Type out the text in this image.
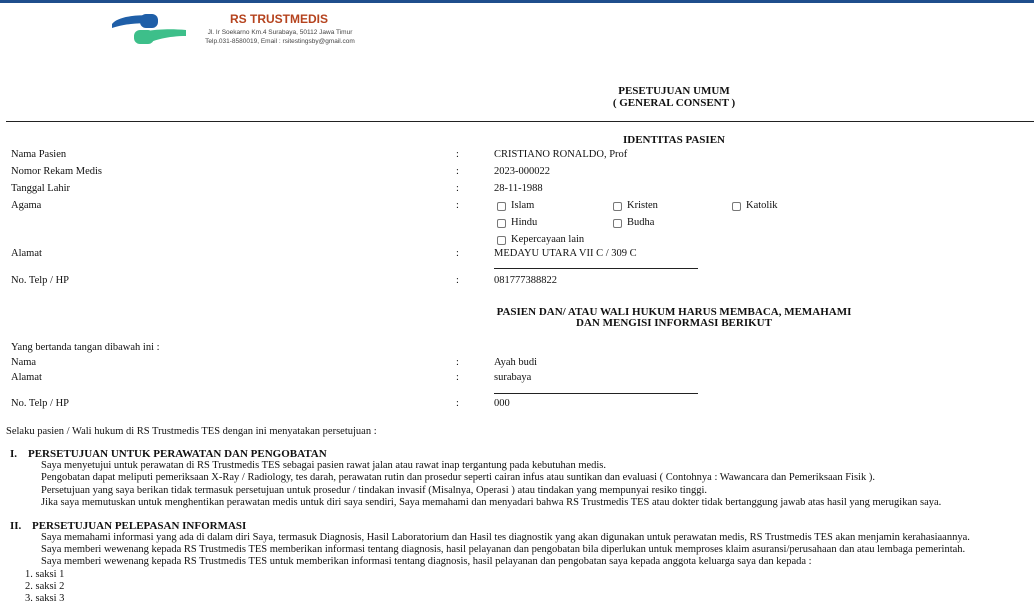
RS TRUSTMEDIS
Jl. Ir Soekarno Km.4 Surabaya, 50112 Jawa Timur
Telp.031-8580019, Email : rsitestingsby@gmail.com
PESETUJUAN UMUM
( GENERAL CONSENT )
IDENTITAS PASIEN
Nama Pasien	:	CRISTIANO RONALDO, Prof
Nomor Rekam Medis	:	2023-000022
Tanggal Lahir	:	28-11-1988
Agama	:	Islam	Kristen	Katolik
Hindu	Budha
Kepercayaan lain
Alamat	:	MEDAYU UTARA VII C / 309 C
No. Telp / HP	:	081777388822
PASIEN DAN/ ATAU WALI HUKUM HARUS MEMBACA, MEMAHAMI
DAN MENGISI INFORMASI BERIKUT
Yang bertanda tangan dibawah ini :
Nama	:	Ayah budi
Alamat	:	surabaya
No. Telp / HP	:	000
Selaku pasien / Wali hukum di RS Trustmedis TES dengan ini menyatakan persetujuan :
I. PERSETUJUAN UNTUK PERAWATAN DAN PENGOBATAN
Saya menyetujui untuk perawatan di RS Trustmedis TES sebagai pasien rawat jalan atau rawat inap tergantung pada kebutuhan medis.
Pengobatan dapat meliputi pemeriksaan X-Ray / Radiology, tes darah, perawatan rutin dan prosedur seperti cairan infus atau suntikan dan evaluasi ( Contohnya : Wawancara dan Pemeriksaan Fisik ).
Persetujuan yang saya berikan tidak termasuk persetujuan untuk prosedur / tindakan invasif (Misalnya, Operasi ) atau tindakan yang mempunyai resiko tinggi.
Jika saya memutuskan untuk menghentikan perawatan medis untuk diri saya sendiri, Saya memahami dan menyadari bahwa RS Trustmedis TES atau dokter tidak bertanggung jawab atas hasil yang merugikan saya.
II. PERSETUJUAN PELEPASAN INFORMASI
Saya memahami informasi yang ada di dalam diri Saya, termasuk Diagnosis, Hasil Laboratorium dan Hasil tes diagnostik yang akan digunakan untuk perawatan medis, RS Trustmedis TES akan menjamin kerahasiaannya.
Saya memberi wewenang kepada RS Trustmedis TES memberikan informasi tentang diagnosis, hasil pelayanan dan pengobatan bila diperlukan untuk memproses klaim asuransi/perusahaan dan atau lembaga pemerintah.
Saya memberi wewenang kepada RS Trustmedis TES untuk memberikan informasi tentang diagnosis, hasil pelayanan dan pengobatan saya kepada anggota keluarga saya dan kepada :
1. saksi 1
2. saksi 2
3. saksi 3
